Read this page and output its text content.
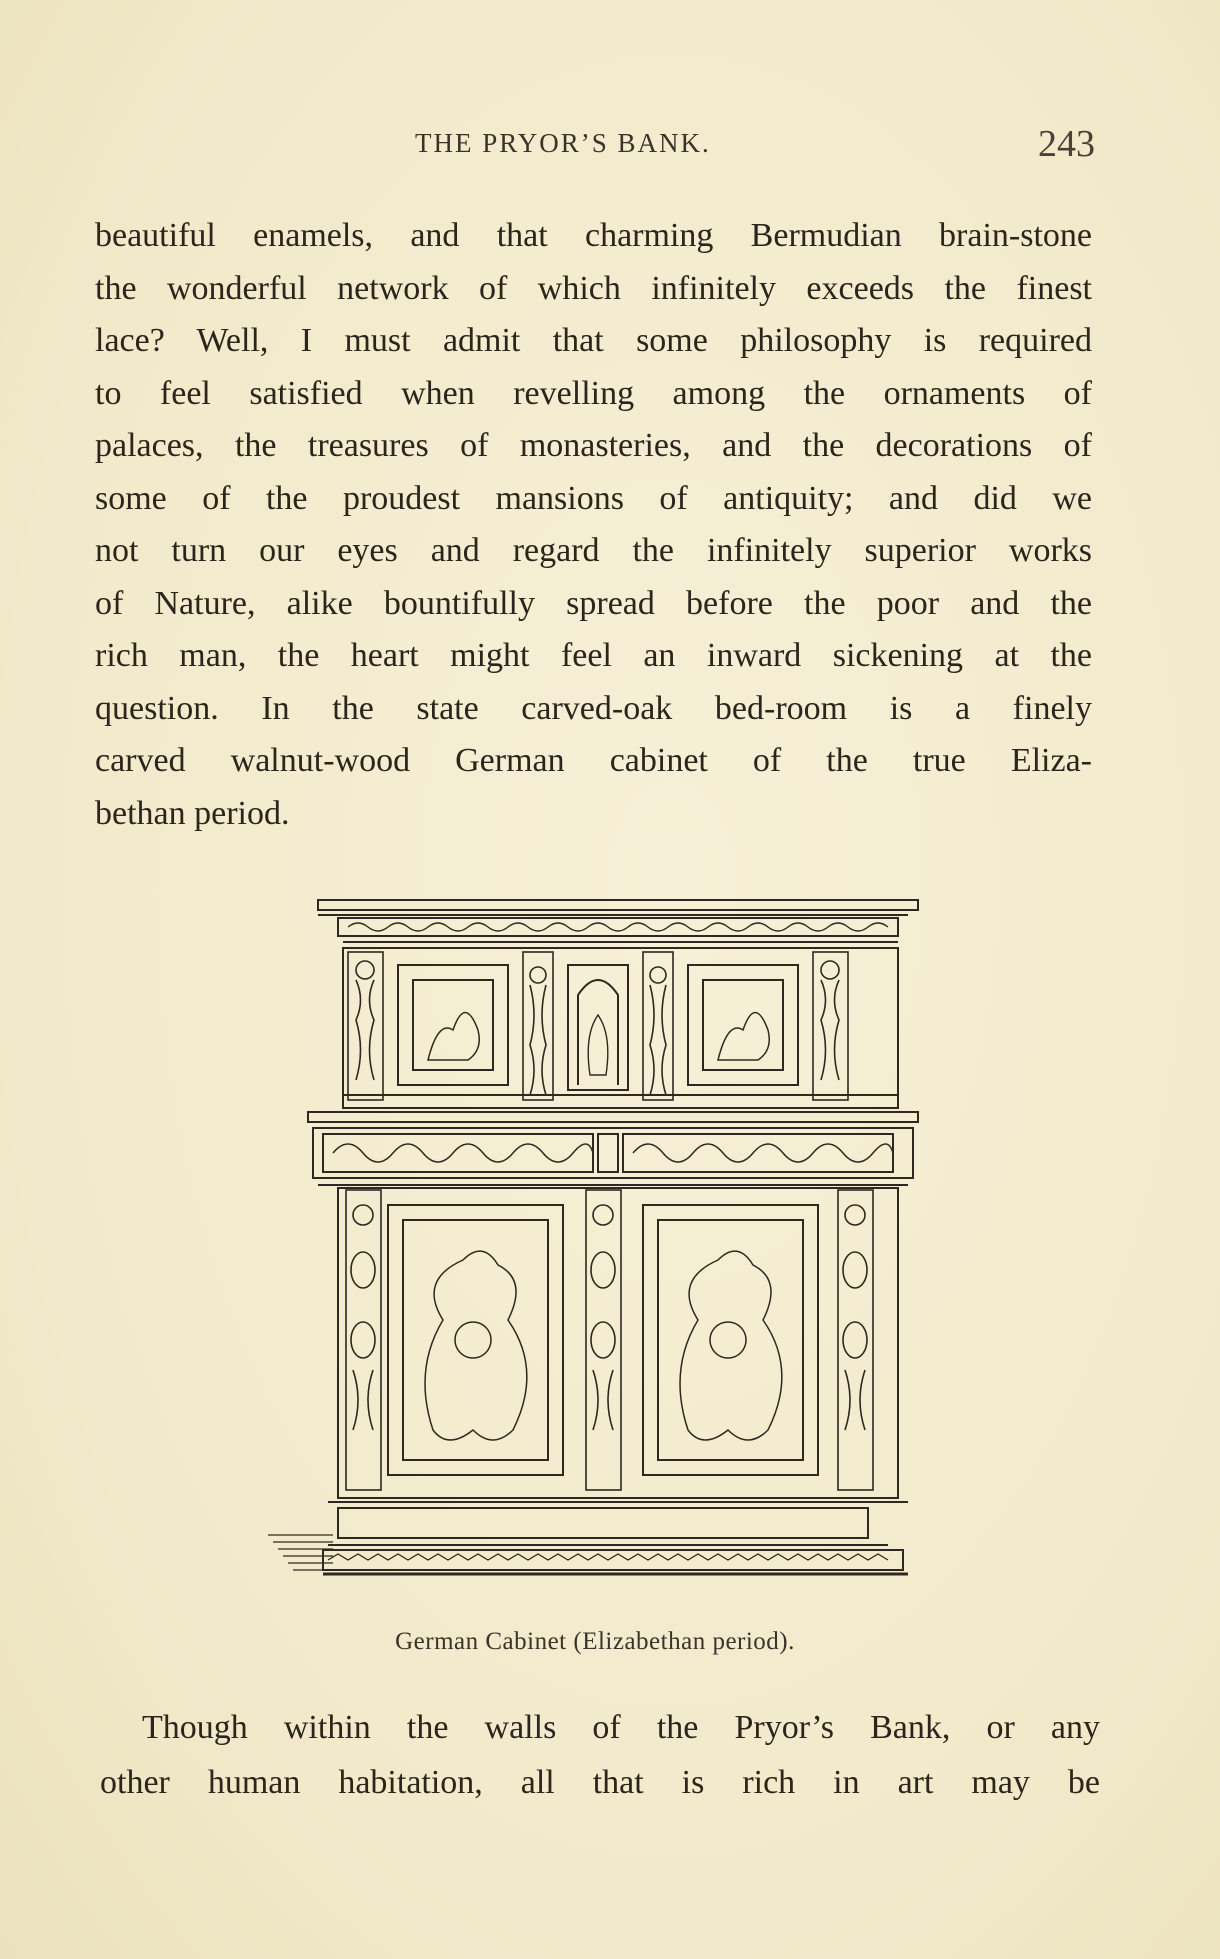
THE PRYOR’S BANK.	243
beautiful enamels, and that charming Bermudian brain-stone
the wonderful network of which infinitely exceeds the finest
lace? Well, I must admit that some philosophy is required
to feel satisfied when revelling among the ornaments of
palaces, the treasures of monasteries, and the decorations of
some of the proudest mansions of antiquity; and did we
not turn our eyes and regard the infinitely superior works
of Nature, alike bountifully spread before the poor and the
rich man, the heart might feel an inward sickening at the
question. In the state carved-oak bed-room is a finely
carved walnut-wood German cabinet of the true Eliza-
bethan period.
German Cabinet (Elizabethan period).
Though within the walls of the Pryor’s Bank, or any
other human habitation, all that is rich in art may be
